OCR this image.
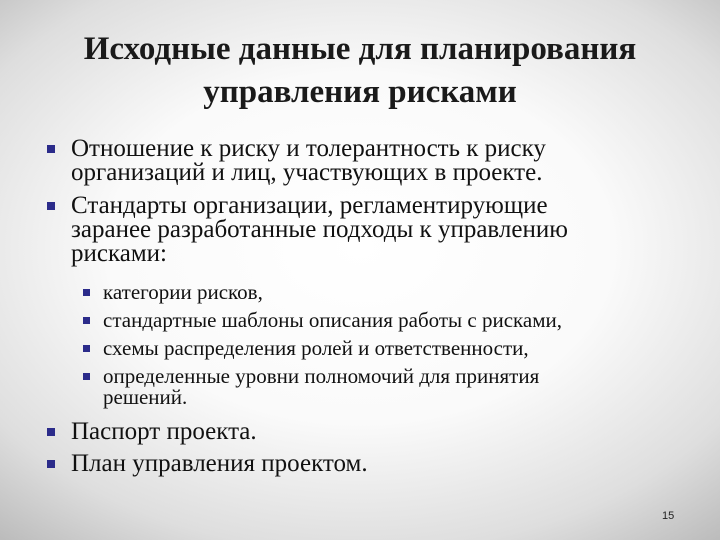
Исходные данные для планирования
управления рисками
Отношение к риску и толерантность к риску
организаций и лиц, участвующих в проекте.
Стандарты организации, регламентирующие
заранее разработанные подходы к управлению
рисками:
категории рисков,
стандартные шаблоны описания работы с рисками,
схемы распределения ролей и ответственности,
определенные уровни полномочий для принятия
решений.
Паспорт проекта.
План управления проектом.
15
